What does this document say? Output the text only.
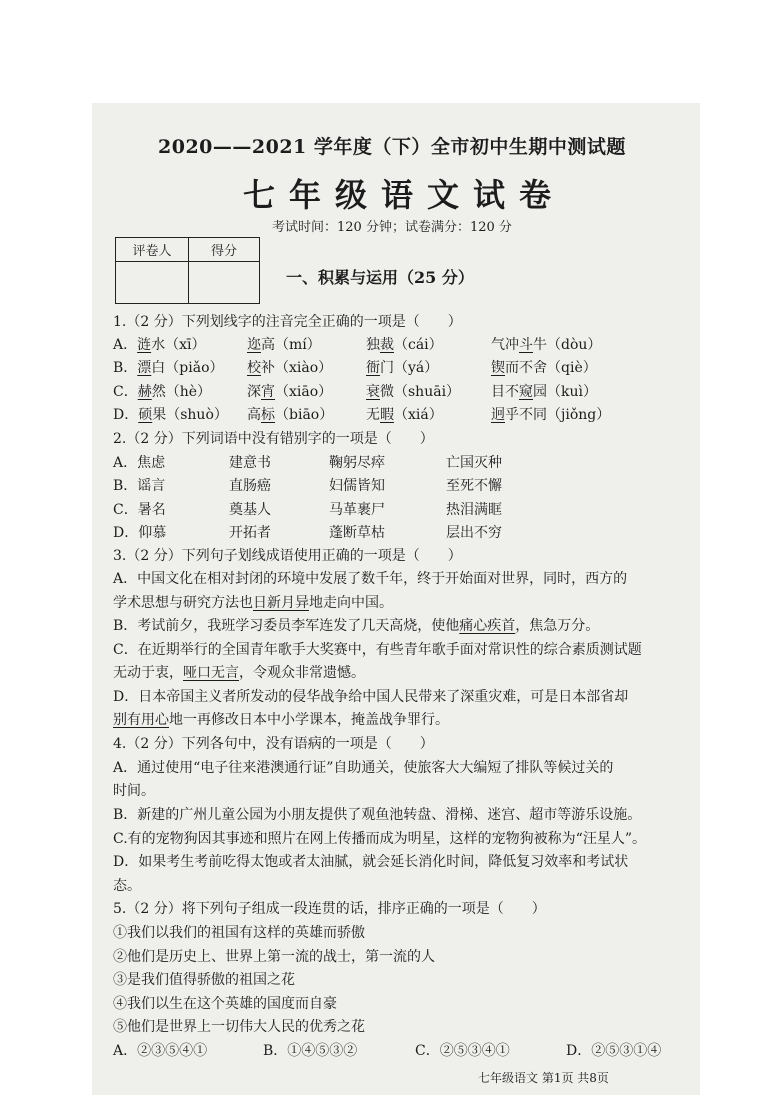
2020——2021 学年度（下）全市初中生期中测试题
七年级语文试卷
考试时间：120 分钟；试卷满分：120 分
评卷人	得分

一、积累与运用（25 分）
1.（2 分）下列划线字的注音完全正确的一项是（　　）
A．涟水（xī）	迩高（mí）	独裁（cái）	气冲斗牛（dòu）
B．漂白（piǎo） 校补（xiào） 衙门（yá）	锲而不舍（qiè）
C．赫然（hè）	深宵（xiāo） 衰微（shuāi） 目不窥园（kuì）
D．硕果（shuò） 高标（biāo） 无暇（xiá）	迥乎不同（jiǒng）
2.（2 分）下列词语中没有错别字的一项是（　　）
A．焦虑	建意书	鞠躬尽瘁	亡国灭种
B．谣言	直肠癌	妇儒皆知	至死不懈
C．暑名	奠基人	马革裹尸	热泪满眶
D．仰慕	开拓者	蓬断草枯	层出不穷
3.（2 分）下列句子划线成语使用正确的一项是（　　）
A．中国文化在相对封闭的环境中发展了数千年，终于开始面对世界，同时，西方的
学术思想与研究方法也日新月异地走向中国。
B．考试前夕，我班学习委员李军连发了几天高烧，使他痛心疾首，焦急万分。
C．在近期举行的全国青年歌手大奖赛中，有些青年歌手面对常识性的综合素质测试题
无动于衷，哑口无言，令观众非常遗憾。
D．日本帝国主义者所发动的侵华战争给中国人民带来了深重灾难，可是日本部省却
别有用心地一再修改日本中小学课本，掩盖战争罪行。
4.（2 分）下列各句中，没有语病的一项是（　　）
A．通过使用“电子往来港澳通行证”自助通关，使旅客大大编短了排队等候过关的
时间。
B．新建的广州儿童公园为小朋友提供了观鱼池转盘、滑梯、迷宫、超市等游乐设施。
C.有的宠物狗因其事迹和照片在网上传播而成为明星，这样的宠物狗被称为“汪星人”。
D．如果考生考前吃得太饱或者太油腻，就会延长消化时间，降低复习效率和考试状
态。
5.（2 分）将下列句子组成一段连贯的话，排序正确的一项是（　　）
①我们以我们的祖国有这样的英雄而骄傲
②他们是历史上、世界上第一流的战士，第一流的人
③是我们值得骄傲的祖国之花
④我们以生在这个英雄的国度而自豪
⑤他们是世界上一切伟大人民的优秀之花
A．②③⑤④①	B．①④⑤③②	C．②⑤③④①	D．②⑤③①④
七年级语文 第1页 共8页
